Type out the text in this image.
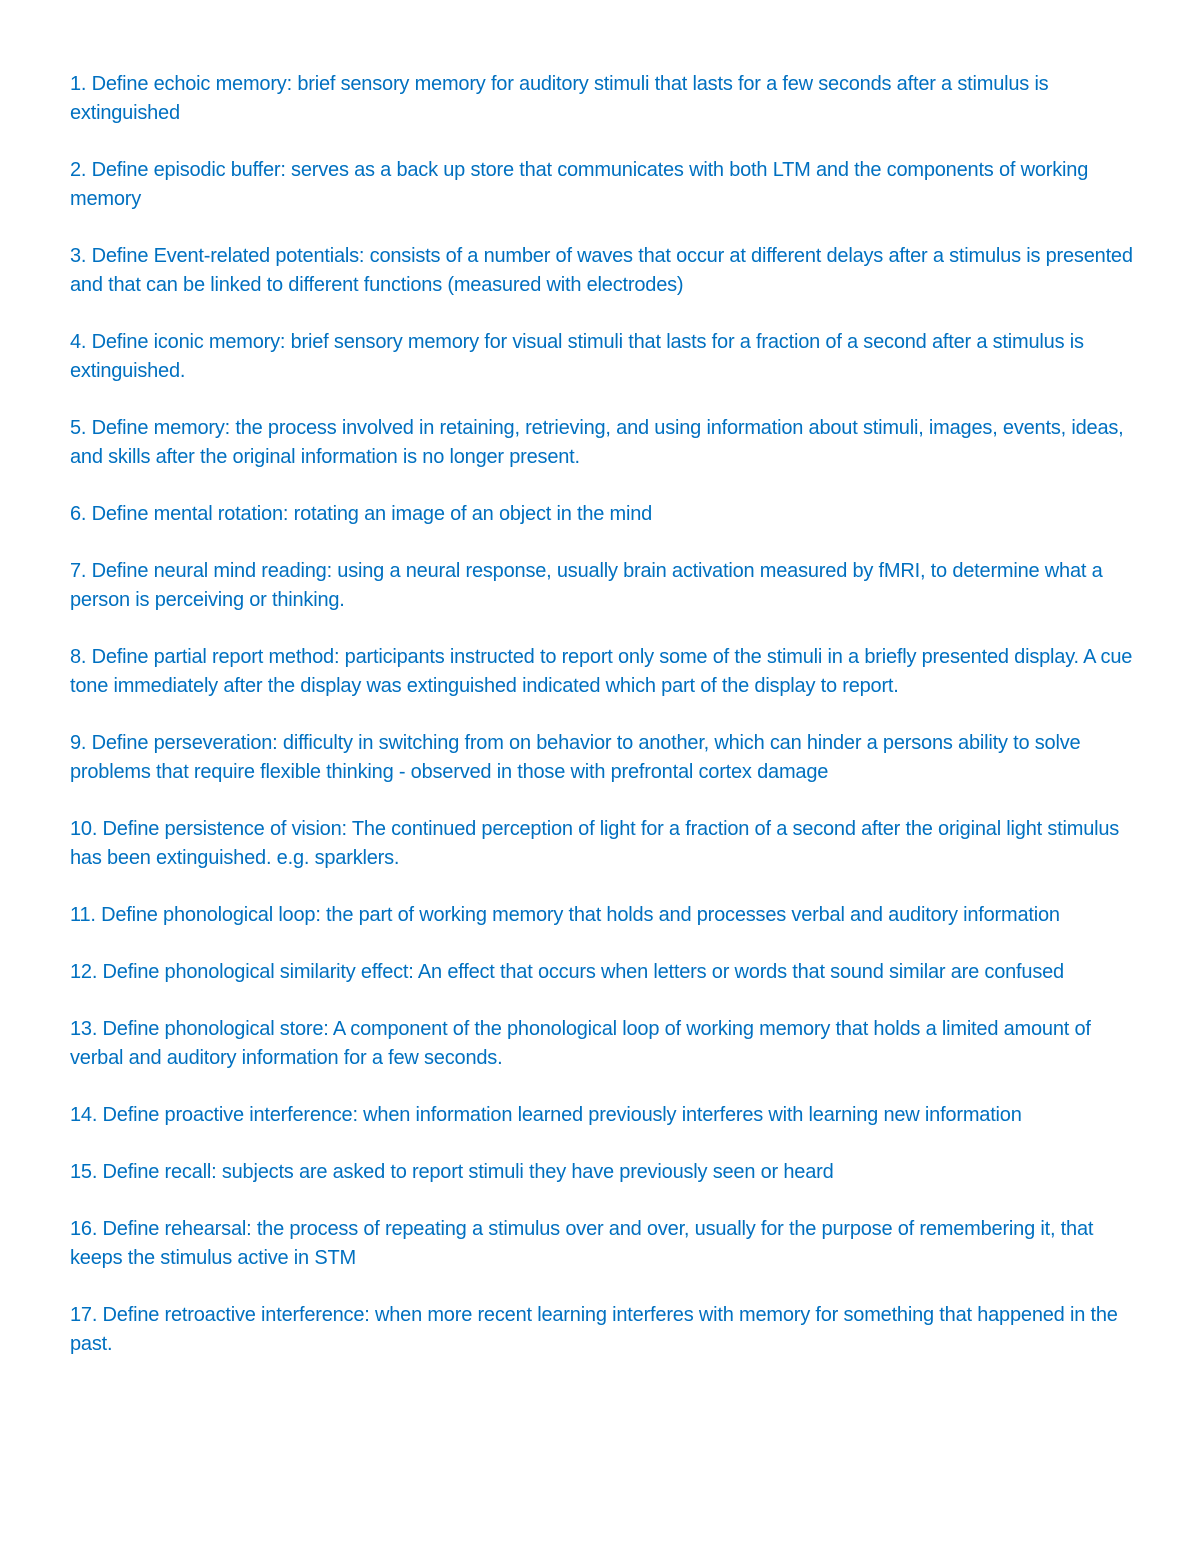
1. Define echoic memory: brief sensory memory for auditory stimuli that lasts for a few seconds after a stimulus is extinguished

2. Define episodic buffer: serves as a back up store that communicates with both LTM and the components of working memory

3. Define Event-related potentials: consists of a number of waves that occur at different delays after a stimulus is presented and that can be linked to different functions (measured with electrodes)

4. Define iconic memory: brief sensory memory for visual stimuli that lasts for a fraction of a second after a stimulus is extinguished.

5. Define memory: the process involved in retaining, retrieving, and using information about stimuli, images, events, ideas, and skills after the original information is no longer present.

6. Define mental rotation: rotating an image of an object in the mind

7. Define neural mind reading: using a neural response, usually brain activation measured by fMRI, to determine what a person is perceiving or thinking.

8. Define partial report method: participants instructed to report only some of the stimuli in a briefly presented display. A cue tone immediately after the display was extinguished indicated which part of the display to report.

9. Define perseveration: difficulty in switching from on behavior to another, which can hinder a persons ability to solve problems that require flexible thinking - observed in those with prefrontal cortex damage

10. Define persistence of vision: The continued perception of light for a fraction of a second after the original light stimulus has been extinguished. e.g. sparklers.

11. Define phonological loop: the part of working memory that holds and processes verbal and auditory information

12. Define phonological similarity effect: An effect that occurs when letters or words that sound similar are confused

13. Define phonological store: A component of the phonological loop of working memory that holds a limited amount of verbal and auditory information for a few seconds.

14. Define proactive interference: when information learned previously interferes with learning new information

15. Define recall: subjects are asked to report stimuli they have previously seen or heard

16. Define rehearsal: the process of repeating a stimulus over and over, usually for the purpose of remembering it, that keeps the stimulus active in STM

17. Define retroactive interference: when more recent learning interferes with memory for something that happened in the past.
